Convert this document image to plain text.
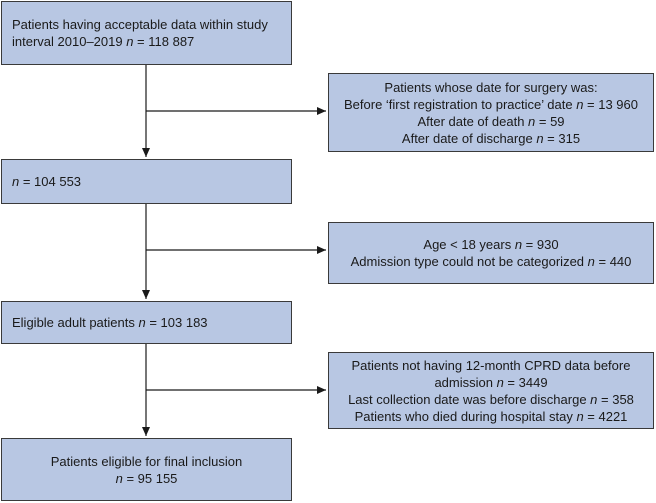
Patients having acceptable data within study
interval 2010–2019 n = 118 887
Patients whose date for surgery was:
Before ‘first registration to practice’ date n = 13 960
After date of death n = 59
After date of discharge n = 315
n = 104 553
Age < 18 years n = 930
Admission type could not be categorized n = 440
Eligible adult patients n = 103 183
Patients not having 12-month CPRD data before
admission n = 3449
Last collection date was before discharge n = 358
Patients who died during hospital stay n = 4221
Patients eligible for final inclusion
n = 95 155
